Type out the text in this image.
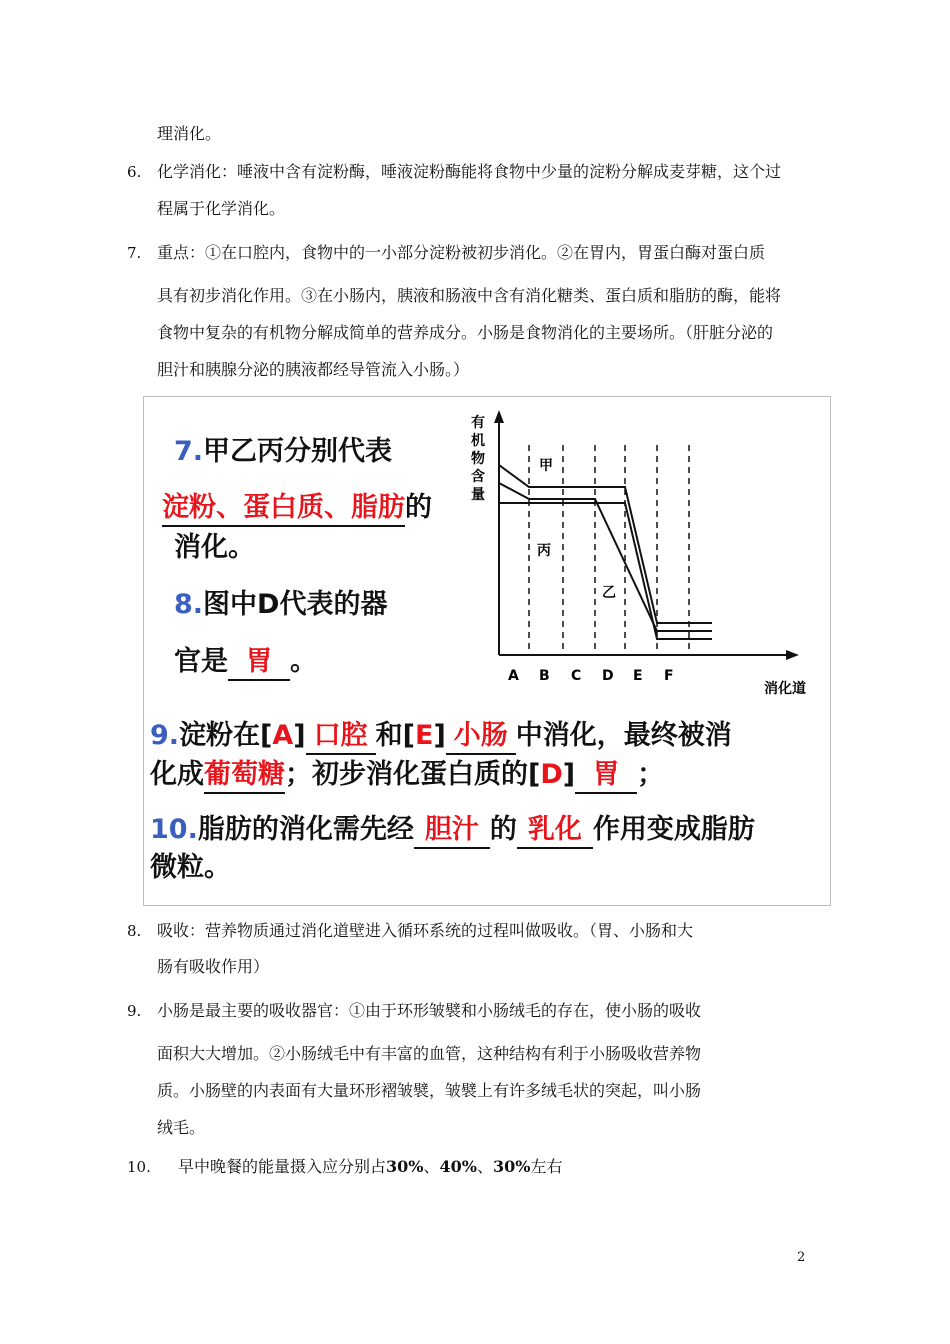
理消化。
6. 化学消化：唾液中含有淀粉酶，唾液淀粉酶能将食物中少量的淀粉分解成麦芽糖，这个过
程属于化学消化。
7. 重点：①在口腔内，食物中的一小部分淀粉被初步消化。②在胃内，胃蛋白酶对蛋白质
具有初步消化作用。③在小肠内，胰液和肠液中含有消化糖类、蛋白质和脂肪的酶，能将
食物中复杂的有机物分解成简单的营养成分。小肠是食物消化的主要场所。（肝脏分泌的
胆汁和胰腺分泌的胰液都经导管流入小肠。）
7.甲乙丙分别代表
淀粉、蛋白质、脂肪的
消化。
8.图中D代表的器
官是 胃 。
有
机
物
含
量
甲
丙
乙
A B C D E F
消化道
9.淀粉在[A] 口腔 和[E] 小肠 中消化，最终被消
化成葡萄糖；初步消化蛋白质的[D] 胃 ；
10.脂肪的消化需先经 胆汁 的 乳化 作用变成脂肪
微粒。
8. 吸收：营养物质通过消化道壁进入循环系统的过程叫做吸收。（胃、小肠和大
肠有吸收作用）
9. 小肠是最主要的吸收器官：①由于环形皱襞和小肠绒毛的存在，使小肠的吸收
面积大大增加。②小肠绒毛中有丰富的血管，这种结构有利于小肠吸收营养物
质。小肠壁的内表面有大量环形褶皱襞，皱襞上有许多绒毛状的突起，叫小肠
绒毛。
10. 早中晚餐的能量摄入应分别占30%、40%、30%左右
2
